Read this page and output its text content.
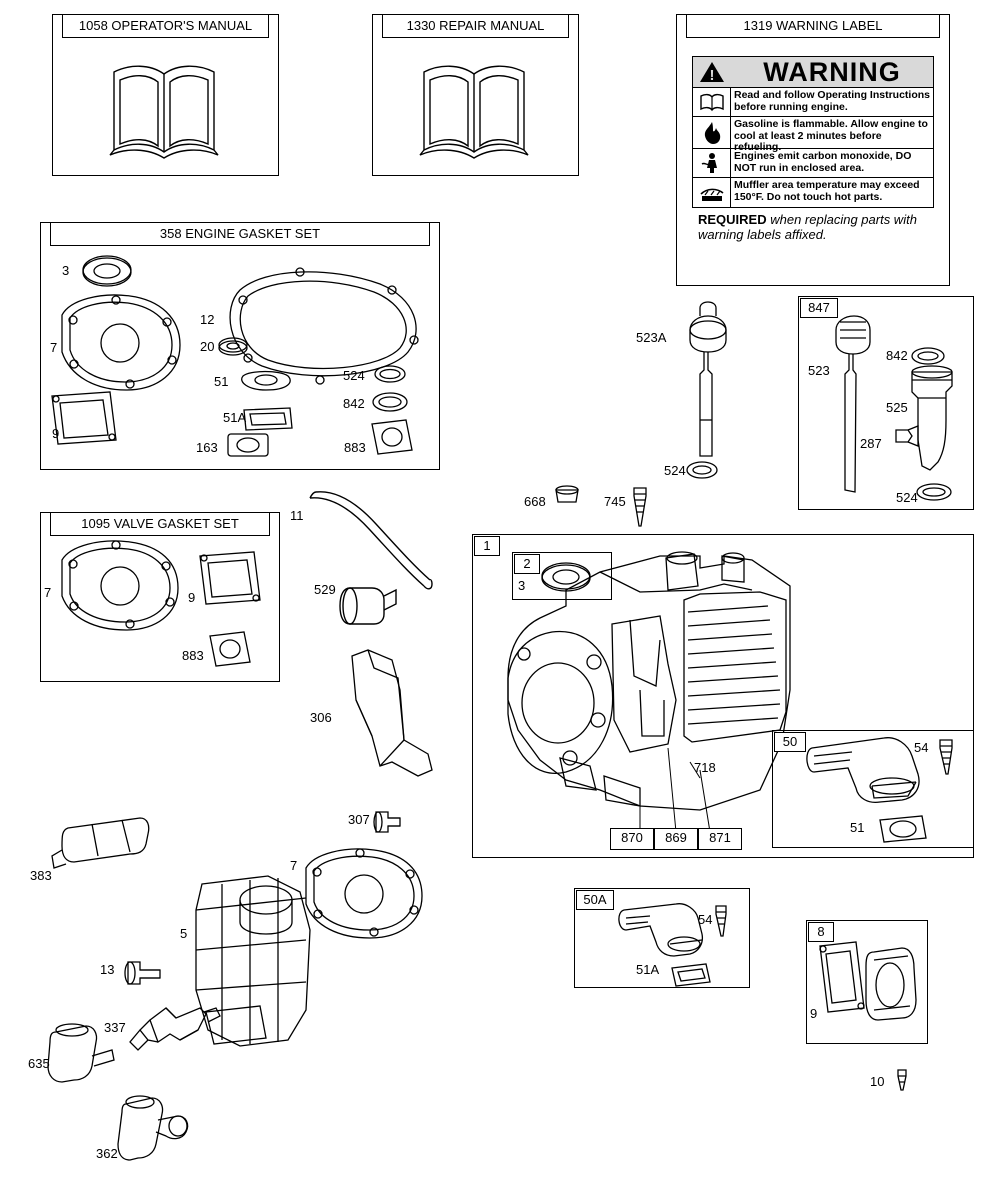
1058 OPERATOR'S MANUAL	1330 REPAIR MANUAL	1319 WARNING LABEL
!	WARNING
Read and follow Operating Instructions before running engine.
Gasoline is flammable. Allow engine to cool at least 2 minutes before refueling.
Engines emit carbon monoxide, DO NOT run in enclosed area.
Muffler area temperature may exceed 150°F. Do not touch hot parts.
REQUIRED when replacing parts with warning labels affixed.
358 ENGINE GASKET SET
3
12
7	20
51	524
842
9
51A
163	883
1095 VALVE GASKET SET
7	9
883
11
529
306
307
523A
524
668	745
847
523
842
525
287
524
1
2
3
718
870	869	871
50	54
51
50A
54
51A
8
9
10
383
13
5
7
337
635
362
